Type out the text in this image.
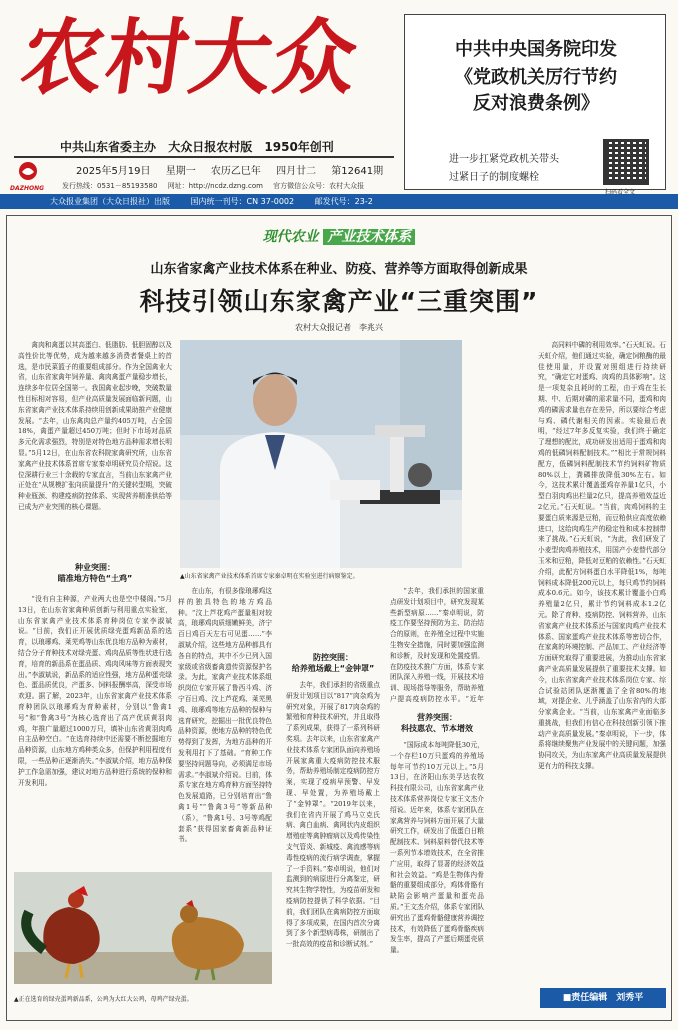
农村大众
中共山东省委主办 大众日报农村版 1950年创刊
DAZHONG
2025年5月19日 星期一 农历乙巳年 四月廿二 第12641期
发行热线：0531－85193580 网址：http://ncdz.dzng.com 官方微信公众号：农村大众报
大众报业集团（大众日报社）出版	国内统一刊号：CN 37-0002	邮发代号：23-2
中共中央国务院印发
《党政机关厉行节约
反对浪费条例》
进一步扛紧党政机关带头
过紧日子的制度螺栓
扫码看全文
现代农业 产业技术体系
山东省家禽产业技术体系在种业、防疫、营养等方面取得创新成果
科技引领山东家禽产业“三重突围”
农村大众报记者　李兆兴
禽肉和禽蛋以其高蛋白、低脂肪、低胆固醇以及高性价比等优势，成为越来越多消费者餐桌上的首选，是市民菜篮子的重要组成部分。作为全国禽业大省，山东省家禽年饲养量、禽肉禽蛋产量稳步增长，连续多年位居全国第一。我国禽业起步晚，突破数量性目标相对容易，但产业高质量发展面临新问题，山东省家禽产业技术体系持续用创新成果助推产业健康发展。“去年，山东禽肉总产量约405万吨，占全国18%，禽蛋产量超过450万吨；但时下市场对品质多元化需求强烈，特别是对特色地方品种需求增长明显。”5月12日，在山东省农科院家禽研究所，山东省家禽产业技术体系首席专家秦卓明研究员介绍说。这位深耕行业三十余载的专家直言，当前山东家禽产业正处在“从规模扩张向质量提升”的关键转型期，突破种业瓶颈、构建疫病防控体系、实现营养精准供给等已成为产业突围的核心课题。
种业突围：
瞄准地方特色“土鸡”	▲山东省家禽产业技术体系首席专家秦卓明在实验室进行病原鉴定。
“没有自主种源，产业两大也是空中楼阁。”5月13日，在山东省家禽种质创新与利用重点实验室，山东省家禽产业技术体系育种岗位专家李淑斌说。“目前，我们正开展优质绿壳蛋鸡新品系的选育，以琅琊鸡、莱芜鸡等山东优良地方品种为素材，结合分子育种技术对绿壳蛋、鸡肉品质等性状进行选育，培育的新品系在蛋品质、鸡肉风味等方面表现突出。”李淑斌说，新品系的适应性强，地方品种蛋壳绿色、蛋品质优良，产蛋多、饲料报酬率高，深受市场欢迎。据了解，2023年，山东省家禽产业技术体系育种团队以琅琊鸡为育种素材，分别以“鲁禽1号”和“鲁禽3号”为核心选育出了高产优质黄羽肉鸡，年推广量超过1000万只，填补山东省黄羽肉鸡自主品种空白。“在选育持续中还需要不断挖掘地方品种资源，山东地方鸡种类众多，但保护利用程度有限，一些品种正逐渐消失。”李淑斌介绍，地方品种保护工作急需加强，建议对地方品种进行系统的保种和开发利用。
▲正在选育的绿壳蛋鸡新品系，公鸡为大红大公鸡，母鸡产绿壳蛋。
在山东，有很多像琅琊鸡这样的独具特色的地方鸡品种。“汶上芦花鸡产蛋量相对较高，琅琊鸡肉质细嫩鲜美，济宁百日鸡百天左右可见蛋……”李淑斌介绍，这些地方品种都具有各自的特点，其中不少已列入国家级或省级畜禽遗传资源保护名录。为此，家禽产业技术体系组织岗位专家开展了鲁西斗鸡、济宁百日鸡、汶上芦花鸡、莱芜黑鸡、琅琊鸡等地方品种的保种与选育研究，挖掘出一批优良特色品种资源，使地方品种的特色优势得到了发挥，为地方品种的开发利用打下了基础。“育种工作要坚持问题导向，必须满足市场需求。”李淑斌介绍说。目前，体系专家在地方鸡育种方面坚持特色发展道路，已分别培育出“鲁禽1号”“鲁禽3号”等新品种（系），“鲁禽1号、3号等鸡配套系”获得国家畜禽新品种证书。
防控突围：
给养殖场戴上“金钟罩”
去年，我们承担的省级重点研发计划项目以“817”肉杂鸡为研究对象，开展了817肉杂鸡的繁殖和育种技术研究，并且取得了系列成果，获得了一系列科研奖项。去年以来，山东省家禽产业技术体系专家团队面向养殖场开展家禽重大疫病防控技术服务，帮助养殖场制定疫病防控方案，实现了疫病早预警、早发现、早处置，为养殖场戴上了“金钟罩”。“2019年以来，我们在省内开展了鸡马立克氏病、禽白血病、禽网状内皮组织增殖症等禽肿瘤病以及鸡传染性支气管炎、新城疫、禽流感等病毒性疫病的流行病学调查，掌握了一手资料。”秦卓明说，他们对监测到的病原进行分离鉴定，研究其生物学特性，为疫苗研发和疫病防控提供了科学依据。“目前，我们团队在禽病防控方面取得了多项成果，在国内首次分离到了多个新型病毒株，研制出了一批高效的疫苗和诊断试剂。”
“去年，我们承担的国家重点研发计划项目中，研究发现某些新型病原……”秦卓明说，防疫工作要坚持预防为主、防治结合的原则，在养殖全过程中实施生物安全措施，同时要加强监测和诊断，及时发现和处置疫情。在防疫技术推广方面，体系专家团队深入养殖一线，开展技术培训、现场指导等服务，帮助养殖户提高疫病防控水平。“近年
营养突围：
科技惠农、节本增效
“国际成本每吨降低30元，一个存栏10万只蛋鸡的养殖场每年可节约10万元以上。”5月13日，在济阳山东美孚达农牧科技有限公司，山东省家禽产业技术体系营养岗位专家王文杰介绍说。近年来，体系专家团队在家禽营养与饲料方面开展了大量研究工作，研发出了低蛋白日粮配制技术、饲料原料替代技术等一系列节本增效技术，在全省推广应用，取得了显著的经济效益和社会效益。“鸡是生物体内骨骼的重要组成部分，鸡体骨骼有缺陷会影响产蛋量和蛋壳品质。”王文杰介绍，体系专家团队研究出了蛋鸡骨骼健康营养调控技术，有效降低了蛋鸡骨骼疾病发生率，提高了产蛋后期蛋壳质量。
高同料中磷的利用效率。”石天虹说。石天虹介绍，他们通过实验，确定饲粮酶的最佳使用量，并设置对照组进行持续研究，“确定它对蛋鸡、肉鸡的具体影响”。这是一项复杂且耗时的工程，由于鸡在生长期、中、后期对磷的需求量不同，蛋鸡和肉鸡的磷需求量也存在差异，所以要综合考虑与鸡、磷代谢相关的因素。实验最后表明，“经过7年多反复实验，我们终于确定了理想的配比，成功研发出适用于蛋鸡和肉鸡的低磷饲料配制技术。”“相比于常规饲料配方，低磷饲料配制技术节约饲料矿物质80%以上，粪磷排放降低30%左右。如今，这技术累计覆盖蛋鸡存养量1亿只，小型白羽肉鸡出栏量2亿只，提高养殖效益近2亿元。”石天虹说。“当前，肉鸡饲料的主要蛋白质来源是豆粕，而豆粕供应高度依赖进口，这给肉鸡生产的稳定性和成本控制带来了挑战。”石天虹说，“为此，我们研发了小麦型肉鸡养殖技术，用国产小麦替代部分玉米和豆粕，降低对豆粕的依赖性。”石天虹介绍，此配方饲料蛋白水平降低1%，每吨饲料成本降低200元以上，每只鸡节约饲料成本0.6元。如今，该技术累计覆盖小白鸡养殖量2亿只，累计节约饲料成本1.2亿元。除了育种、疫病防控、饲料营养，山东省家禽产业技术体系还与国家肉鸡产业技术体系、国家蛋鸡产业技术体系等密切合作，在家禽的环境控制、产品加工、产业经济等方面研究取得了重要进展，为推动山东省家禽产业高质量发展提供了重要技术支撑。如今，山东省家禽产业技术体系岗位专家、综合试验站团队逐渐覆盖了全省80%的地域，对提企业、儿乎涵盖了山东省内的大部分家禽企业。“当前，山东家禽产业面临多重挑战，但我们有信心在科技创新引领下推动产业高质量发展。”秦卓明说，下一步，体系将继续聚焦产业发展中的关键问题，加强协同攻关，为山东家禽产业高质量发展提供更有力的科技支撑。
■责任编辑　刘秀平
